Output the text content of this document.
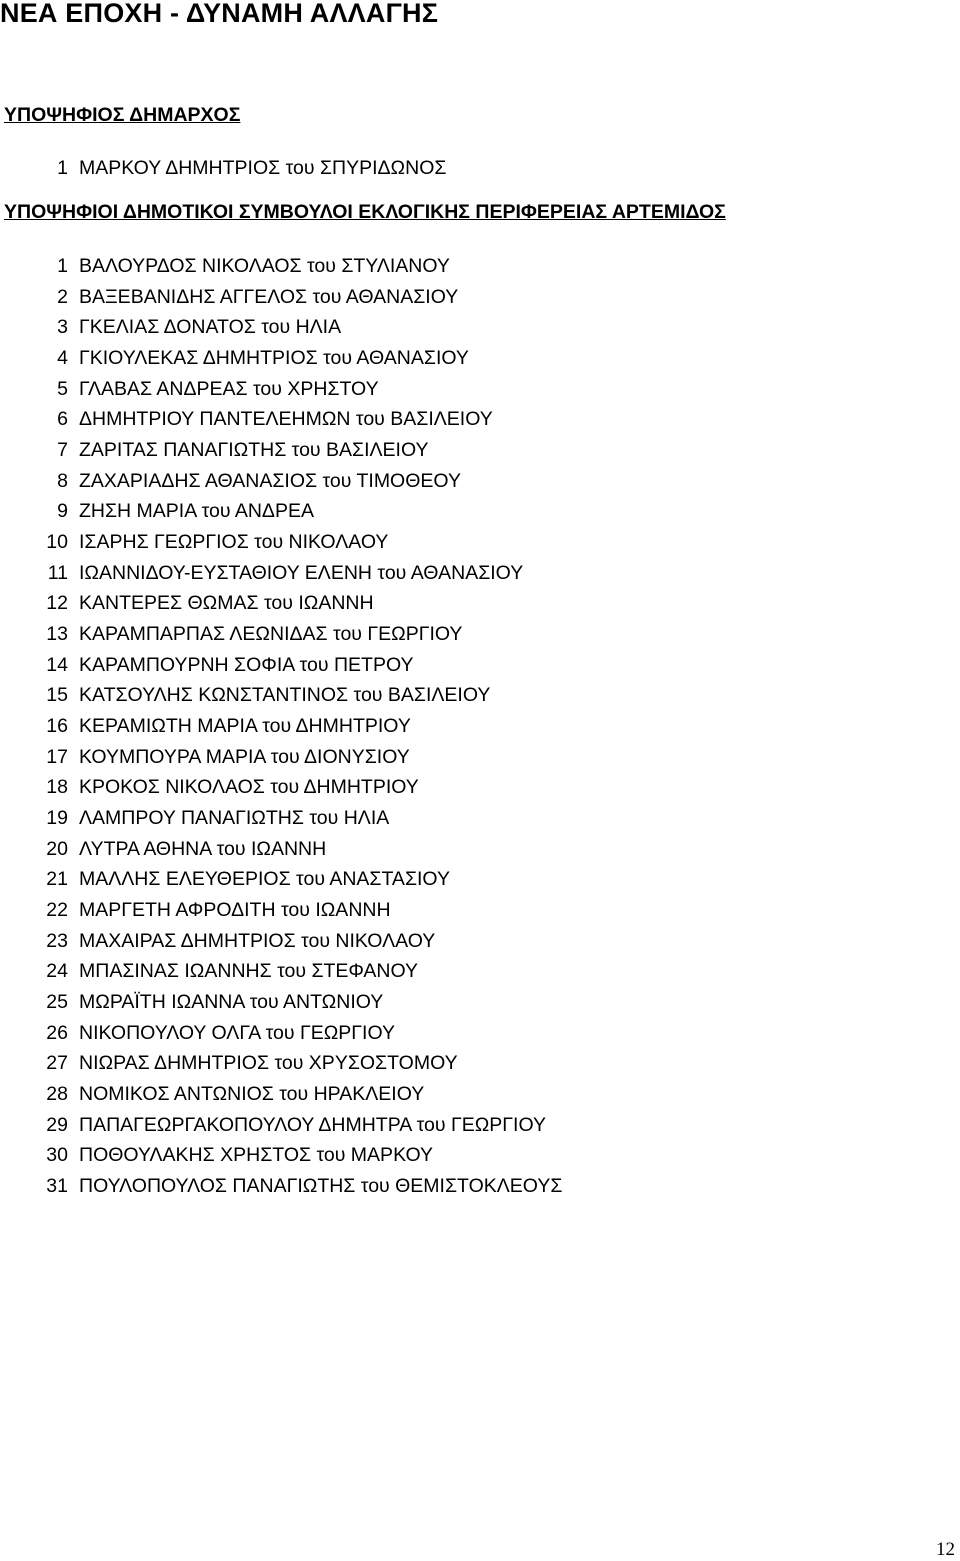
ΝΕΑ ΕΠΟΧΗ - ΔΥΝΑΜΗ ΑΛΛΑΓΗΣ
ΥΠΟΨΗΦΙΟΣ ΔΗΜΑΡΧΟΣ
1 ΜΑΡΚΟΥ ΔΗΜΗΤΡΙΟΣ του ΣΠΥΡΙΔΩΝΟΣ
ΥΠΟΨΗΦΙΟΙ ΔΗΜΟΤΙΚΟΙ ΣΥΜΒΟΥΛΟΙ ΕΚΛΟΓΙΚΗΣ ΠΕΡΙΦΕΡΕΙΑΣ ΑΡΤΕΜΙΔΟΣ
1 ΒΑΛΟΥΡΔΟΣ ΝΙΚΟΛΑΟΣ του ΣΤΥΛΙΑΝΟΥ
2 ΒΑΞΕΒΑΝΙΔΗΣ ΑΓΓΕΛΟΣ του ΑΘΑΝΑΣΙΟΥ
3 ΓΚΕΛΙΑΣ ΔΟΝΑΤΟΣ του ΗΛΙΑ
4 ΓΚΙΟΥΛΕΚΑΣ ΔΗΜΗΤΡΙΟΣ του ΑΘΑΝΑΣΙΟΥ
5 ΓΛΑΒΑΣ ΑΝΔΡΕΑΣ του ΧΡΗΣΤΟΥ
6 ΔΗΜΗΤΡΙΟΥ ΠΑΝΤΕΛΕΗΜΩΝ του ΒΑΣΙΛΕΙΟΥ
7 ΖΑΡΙΤΑΣ ΠΑΝΑΓΙΩΤΗΣ του ΒΑΣΙΛΕΙΟΥ
8 ΖΑΧΑΡΙΑΔΗΣ ΑΘΑΝΑΣΙΟΣ του ΤΙΜΟΘΕΟΥ
9 ΖΗΣΗ ΜΑΡΙΑ του ΑΝΔΡΕΑ
10 ΙΣΑΡΗΣ ΓΕΩΡΓΙΟΣ του ΝΙΚΟΛΑΟΥ
11 ΙΩΑΝΝΙΔΟΥ-ΕΥΣΤΑΘΙΟΥ ΕΛΕΝΗ του ΑΘΑΝΑΣΙΟΥ
12 ΚΑΝΤΕΡΕΣ ΘΩΜΑΣ του ΙΩΑΝΝΗ
13 ΚΑΡΑΜΠΑΡΠΑΣ ΛΕΩΝΙΔΑΣ του ΓΕΩΡΓΙΟΥ
14 ΚΑΡΑΜΠΟΥΡΝΗ ΣΟΦΙΑ του ΠΕΤΡΟΥ
15 ΚΑΤΣΟΥΛΗΣ ΚΩΝΣΤΑΝΤΙΝΟΣ του ΒΑΣΙΛΕΙΟΥ
16 ΚΕΡΑΜΙΩΤΗ ΜΑΡΙΑ του ΔΗΜΗΤΡΙΟΥ
17 ΚΟΥΜΠΟΥΡΑ ΜΑΡΙΑ του ΔΙΟΝΥΣΙΟΥ
18 ΚΡΟΚΟΣ ΝΙΚΟΛΑΟΣ του ΔΗΜΗΤΡΙΟΥ
19 ΛΑΜΠΡΟΥ ΠΑΝΑΓΙΩΤΗΣ του ΗΛΙΑ
20 ΛΥΤΡΑ ΑΘΗΝΑ του ΙΩΑΝΝΗ
21 ΜΑΛΛΗΣ ΕΛΕΥΘΕΡΙΟΣ του ΑΝΑΣΤΑΣΙΟΥ
22 ΜΑΡΓΕΤΗ ΑΦΡΟΔΙΤΗ του ΙΩΑΝΝΗ
23 ΜΑΧΑΙΡΑΣ ΔΗΜΗΤΡΙΟΣ του ΝΙΚΟΛΑΟΥ
24 ΜΠΑΣΙΝΑΣ ΙΩΑΝΝΗΣ του ΣΤΕΦΑΝΟΥ
25 ΜΩΡΑΪΤΗ ΙΩΑΝΝΑ του ΑΝΤΩΝΙΟΥ
26 ΝΙΚΟΠΟΥΛΟΥ ΟΛΓΑ του ΓΕΩΡΓΙΟΥ
27 ΝΙΩΡΑΣ ΔΗΜΗΤΡΙΟΣ του ΧΡΥΣΟΣΤΟΜΟΥ
28 ΝΟΜΙΚΟΣ ΑΝΤΩΝΙΟΣ του ΗΡΑΚΛΕΙΟΥ
29 ΠΑΠΑΓΕΩΡΓΑΚΟΠΟΥΛΟΥ ΔΗΜΗΤΡΑ του ΓΕΩΡΓΙΟΥ
30 ΠΟΘΟΥΛΑΚΗΣ ΧΡΗΣΤΟΣ του ΜΑΡΚΟΥ
31 ΠΟΥΛΟΠΟΥΛΟΣ ΠΑΝΑΓΙΩΤΗΣ του ΘΕΜΙΣΤΟΚΛΕΟΥΣ
12
